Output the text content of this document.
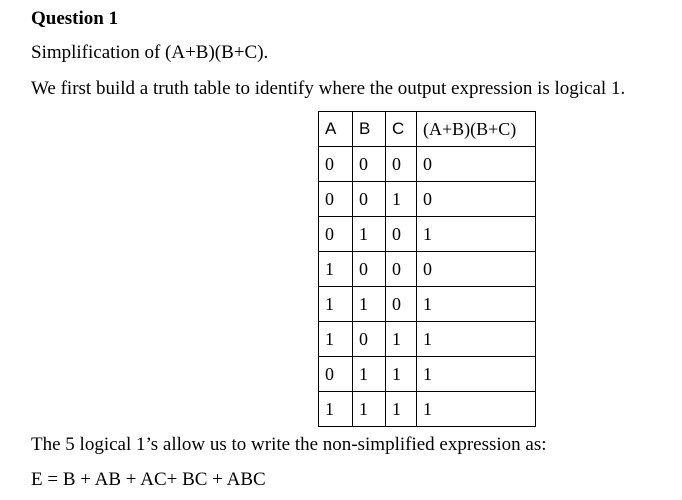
Question 1
Simplification of (A+B)(B+C).
We first build a truth table to identify where the output expression is logical 1.
A	B	C	(A+B)(B+C)
0	0	0	0
0	0	1	0
0	1	0	1
1	0	0	0
1	1	0	1
1	0	1	1
0	1	1	1
1	1	1	1
The 5 logical 1’s allow us to write the non-simplified expression as:
E = B + AB + AC+ BC + ABC
